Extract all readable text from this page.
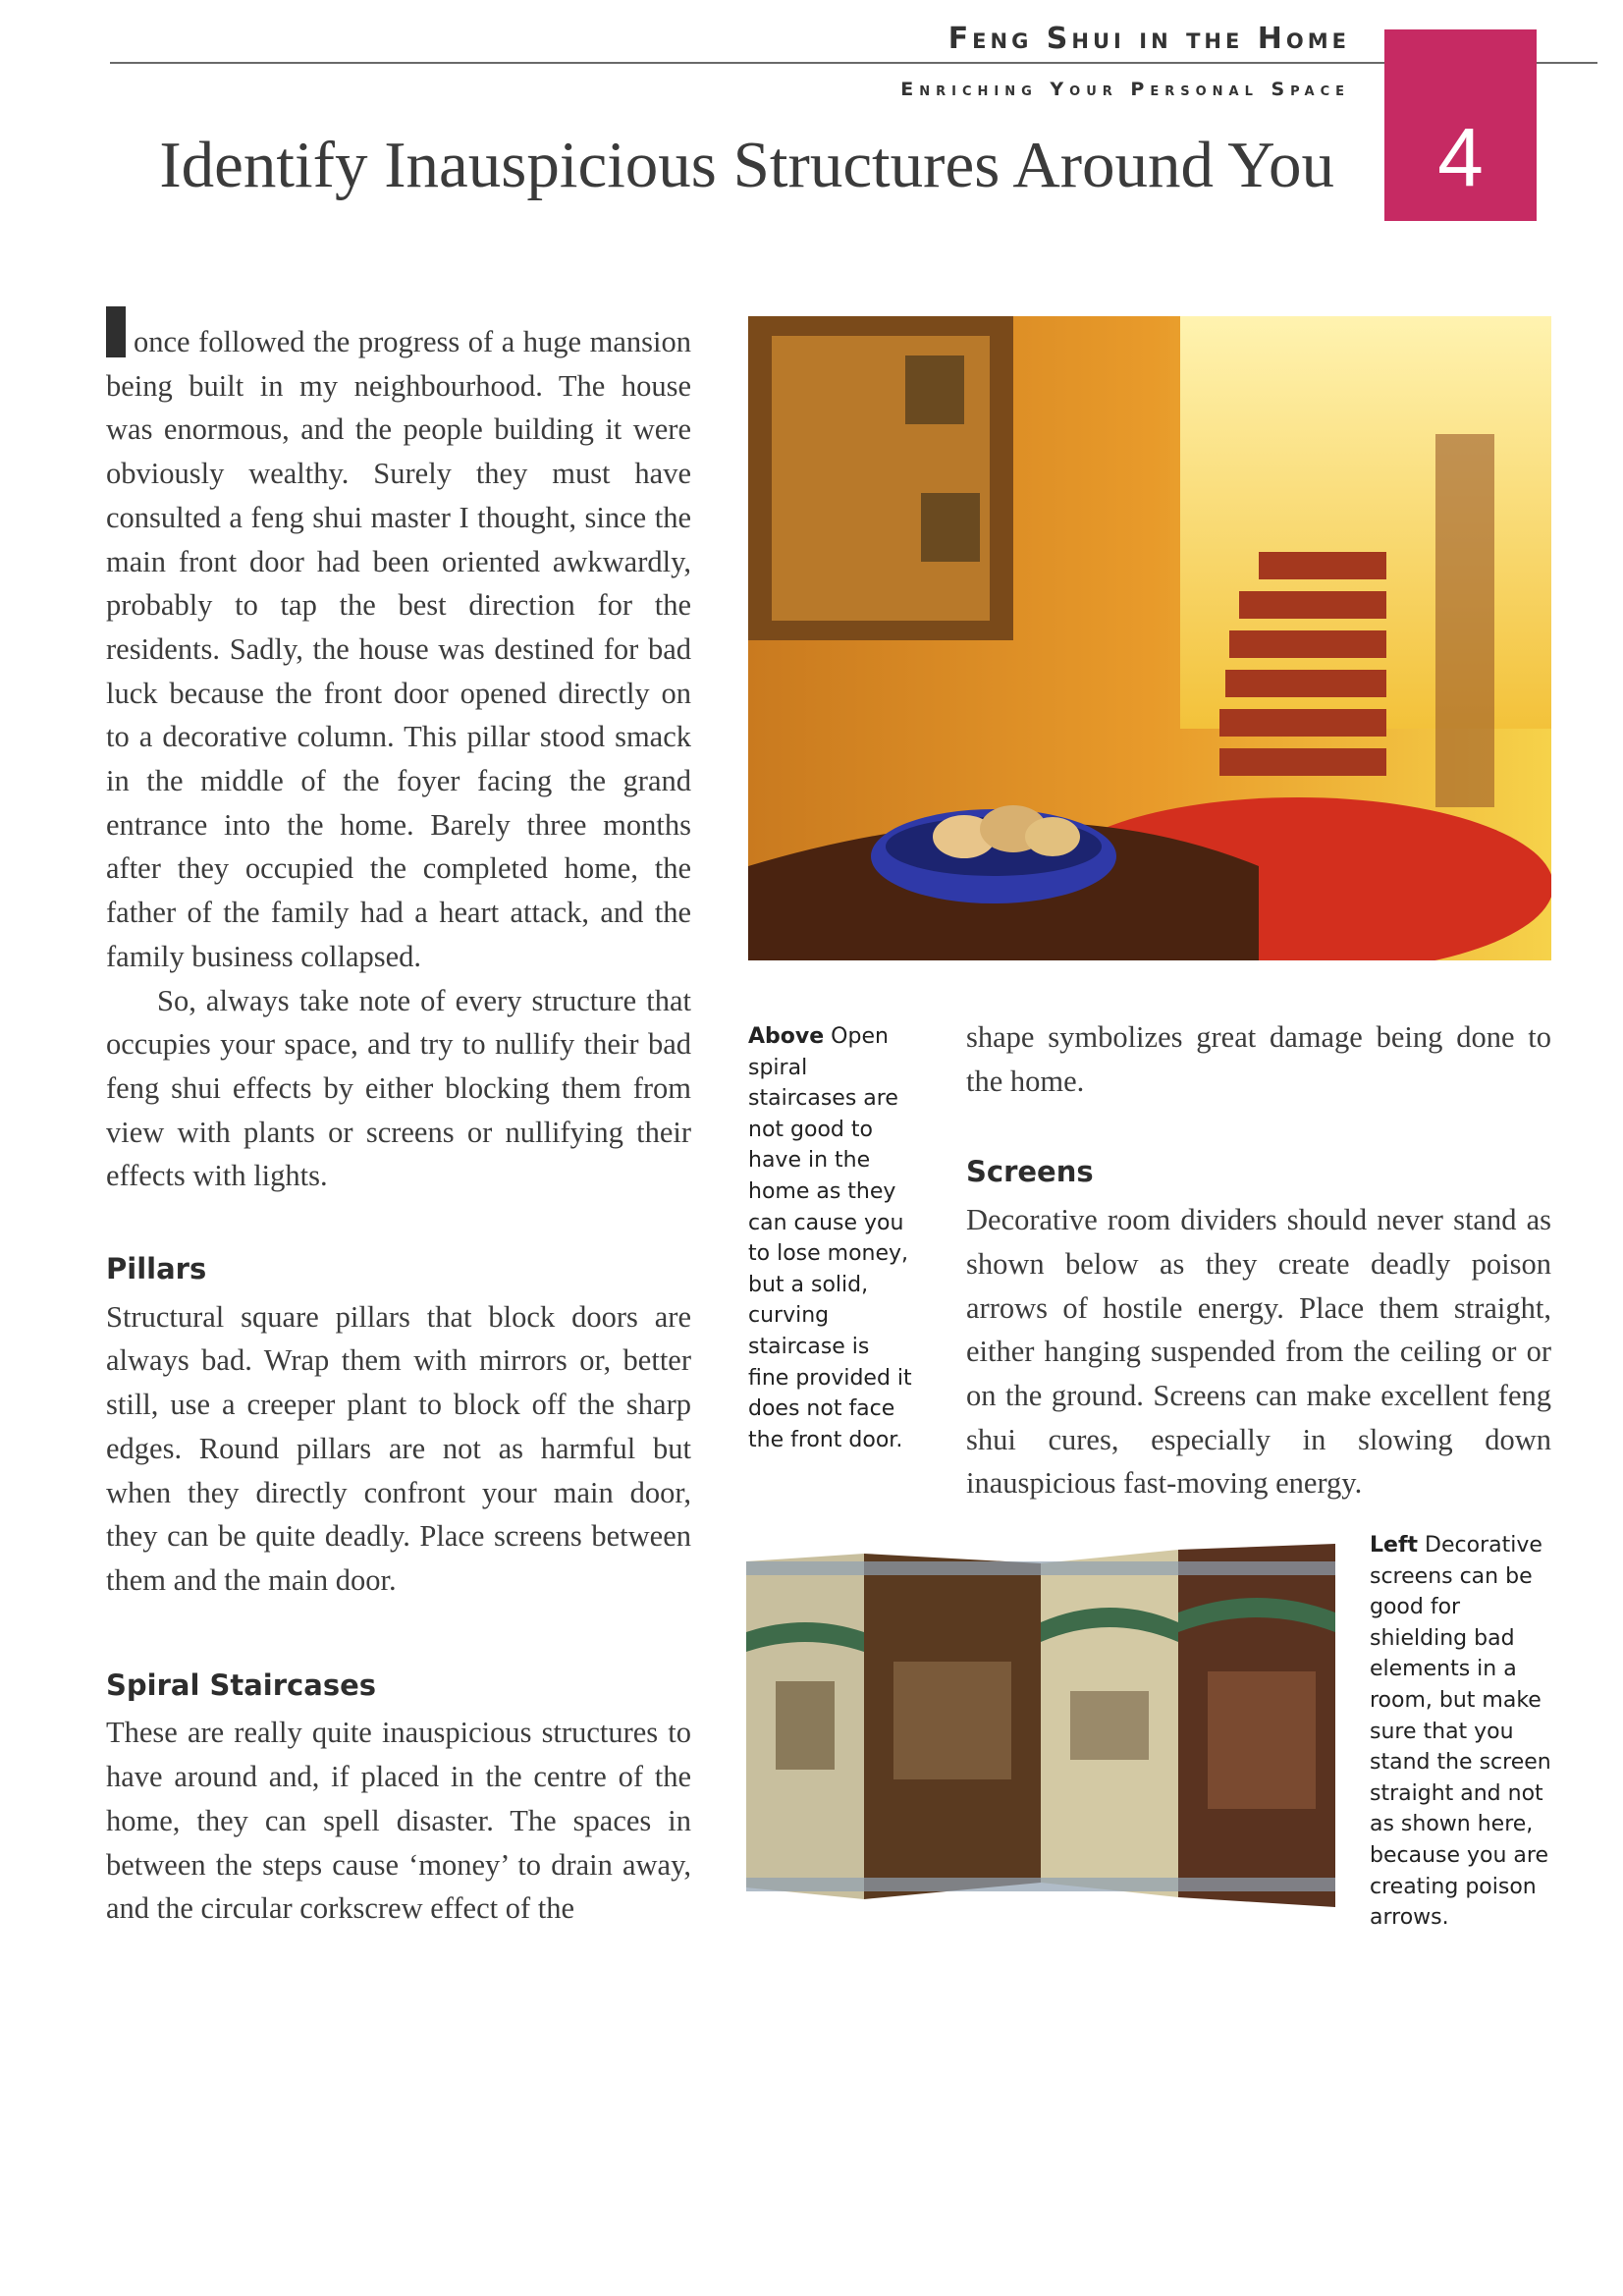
Feng Shui in the Home
Enriching Your Personal Space
Identify Inauspicious Structures Around You	4

once followed the progress of a huge mansion being built in my neighbourhood. The house was enormous, and the people building it were obviously wealthy. Surely they must have consulted a feng shui master I thought, since the main front door had been oriented awkwardly, probably to tap the best direction for the residents. Sadly, the house was destined for bad luck because the front door opened directly on to a decorative column. This pillar stood smack in the middle of the foyer facing the grand entrance into the home. Barely three months after they occupied the completed home, the father of the family had a heart attack, and the family business collapsed.

So, always take note of every structure that occupies your space, and try to nullify their bad feng shui effects by either blocking them from view with plants or screens or nullifying their effects with lights.

Pillars

Structural square pillars that block doors are always bad. Wrap them with mirrors or, better still, use a creeper plant to block off the sharp edges. Round pillars are not as harmful but when they directly confront your main door, they can be quite deadly. Place screens between them and the main door.

Spiral Staircases

These are really quite inauspicious structures to have around and, if placed in the centre of the home, they can spell disaster. The spaces in between the steps cause ‘money’ to drain away, and the circular corkscrew effect of the

Above Open spiral staircases are not good to have in the home as they can cause you to lose money, but a solid, curving staircase is fine provided it does not face the front door.

shape symbolizes great damage being done to the home.

Screens

Decorative room dividers should never stand as shown below as they create deadly poison arrows of hostile energy. Place them straight, either hanging suspended from the ceiling or or on the ground. Screens can make excellent feng shui cures, especially in slowing down inauspicious fast-moving energy.

Left Decorative screens can be good for shielding bad elements in a room, but make sure that you stand the screen straight and not as shown here, because you are creating poison arrows.
